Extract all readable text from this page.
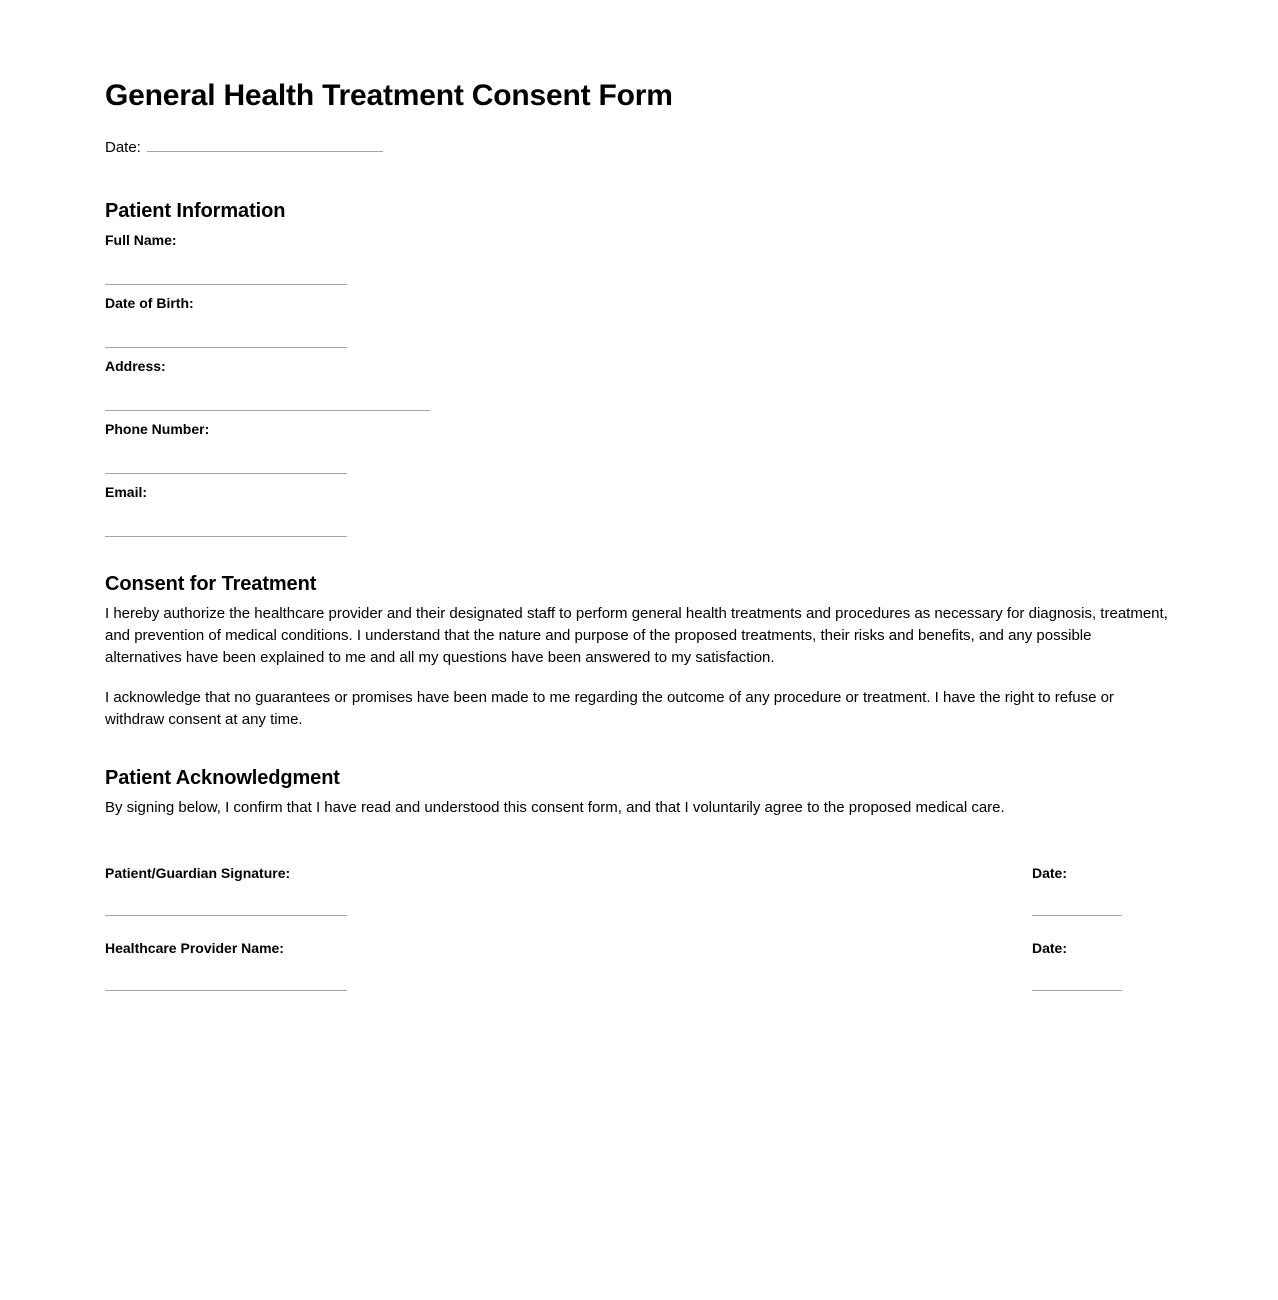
General Health Treatment Consent Form
Date:
Patient Information
Full Name:
Date of Birth:
Address:
Phone Number:
Email:
Consent for Treatment

I hereby authorize the healthcare provider and their designated staff to perform general health treatments and procedures as necessary for diagnosis, treatment, and prevention of medical conditions. I understand that the nature and purpose of the proposed treatments, their risks and benefits, and any possible alternatives have been explained to me and all my questions have been answered to my satisfaction.

I acknowledge that no guarantees or promises have been made to me regarding the outcome of any procedure or treatment. I have the right to refuse or withdraw consent at any time.

Patient Acknowledgment

By signing below, I confirm that I have read and understood this consent form, and that I voluntarily agree to the proposed medical care.

Patient/Guardian Signature:	Date:
Healthcare Provider Name:	Date:
